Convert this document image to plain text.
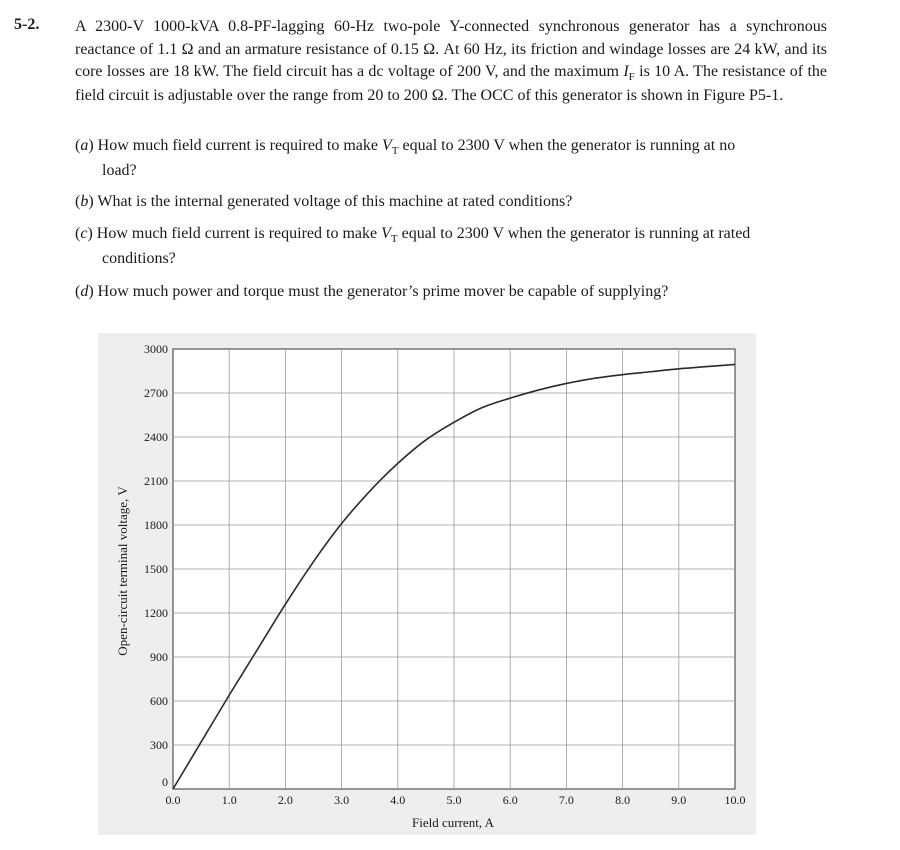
5-2. A 2300-V 1000-kVA 0.8-PF-lagging 60-Hz two-pole Y-connected synchronous generator has a synchronous reactance of 1.1 Ω and an armature resistance of 0.15 Ω. At 60 Hz, its friction and windage losses are 24 kW, and its core losses are 18 kW. The field circuit has a dc voltage of 200 V, and the maximum $I_F$ is 10 A. The resistance of the field circuit is adjustable over the range from 20 to 200 Ω. The OCC of this generator is shown in Figure P5-1.
(a) How much field current is required to make $V_T$ equal to 2300 V when the generator is running at no
load?
(b) What is the internal generated voltage of this machine at rated conditions?
(c) How much field current is required to make $V_T$ equal to 2300 V when the generator is running at rated
conditions?
(d) How much power and torque must the generator’s prime mover be capable of supplying?
0
300
600
900
1200
1500
1800
2100
2400
2700
3000
0.0	1.0	2.0	3.0	4.0	5.0	6.0	7.0	8.0	9.0	10.0
Field current, A
Open-circuit terminal voltage, V
